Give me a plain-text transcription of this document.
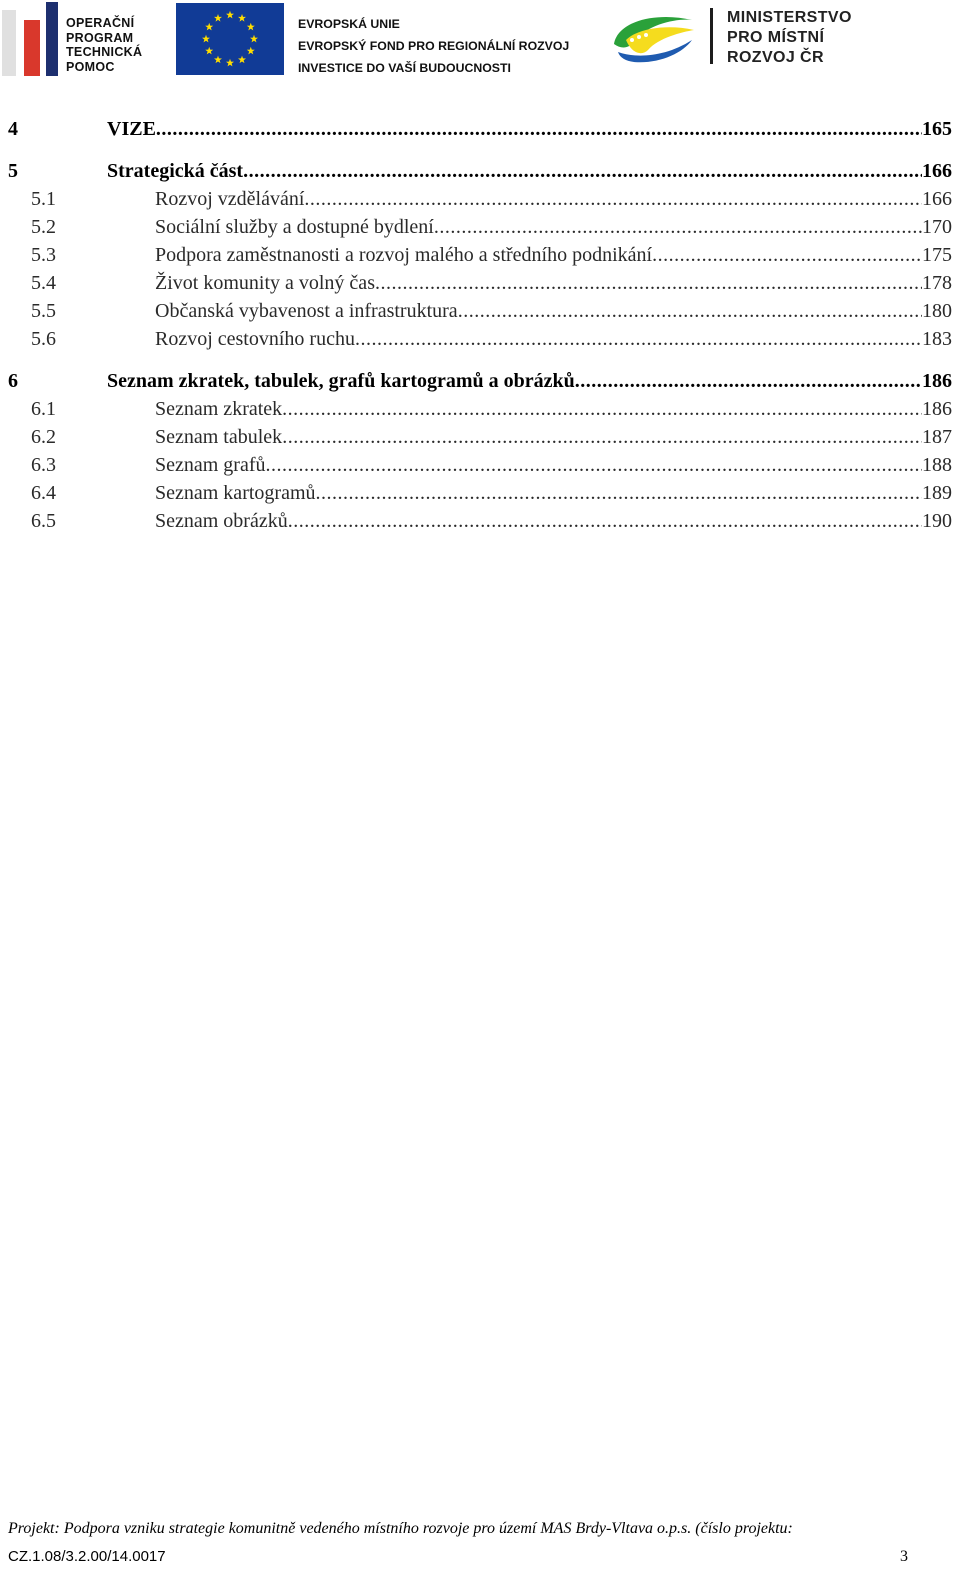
OPERAČNÍ
PROGRAM
TECHNICKÁ
POMOC
EVROPSKÁ UNIE
EVROPSKÝ FOND PRO REGIONÁLNÍ ROZVOJ
INVESTICE DO VAŠÍ BUDOUCNOSTI
MINISTERSTVO
PRO MÍSTNÍ
ROZVOJ ČR
4	VIZE .....	165
5	Strategická část .....	166
5.1	Rozvoj vzdělávání .....	166
5.2	Sociální služby a dostupné bydlení .....	170
5.3	Podpora zaměstnanosti a rozvoj malého a středního podnikání .....	175
5.4	Život komunity a volný čas .....	178
5.5	Občanská vybavenost a infrastruktura .....	180
5.6	Rozvoj cestovního ruchu .....	183
6	Seznam zkratek, tabulek, grafů kartogramů a obrázků .....	186
6.1	Seznam zkratek .....	186
6.2	Seznam tabulek .....	187
6.3	Seznam grafů .....	188
6.4	Seznam kartogramů .....	189
6.5	Seznam obrázků .....	190
Projekt: Podpora vzniku strategie komunitně vedeného místního rozvoje pro území MAS Brdy-Vltava o.p.s. (číslo projektu:
CZ.1.08/3.2.00/14.0017	3
